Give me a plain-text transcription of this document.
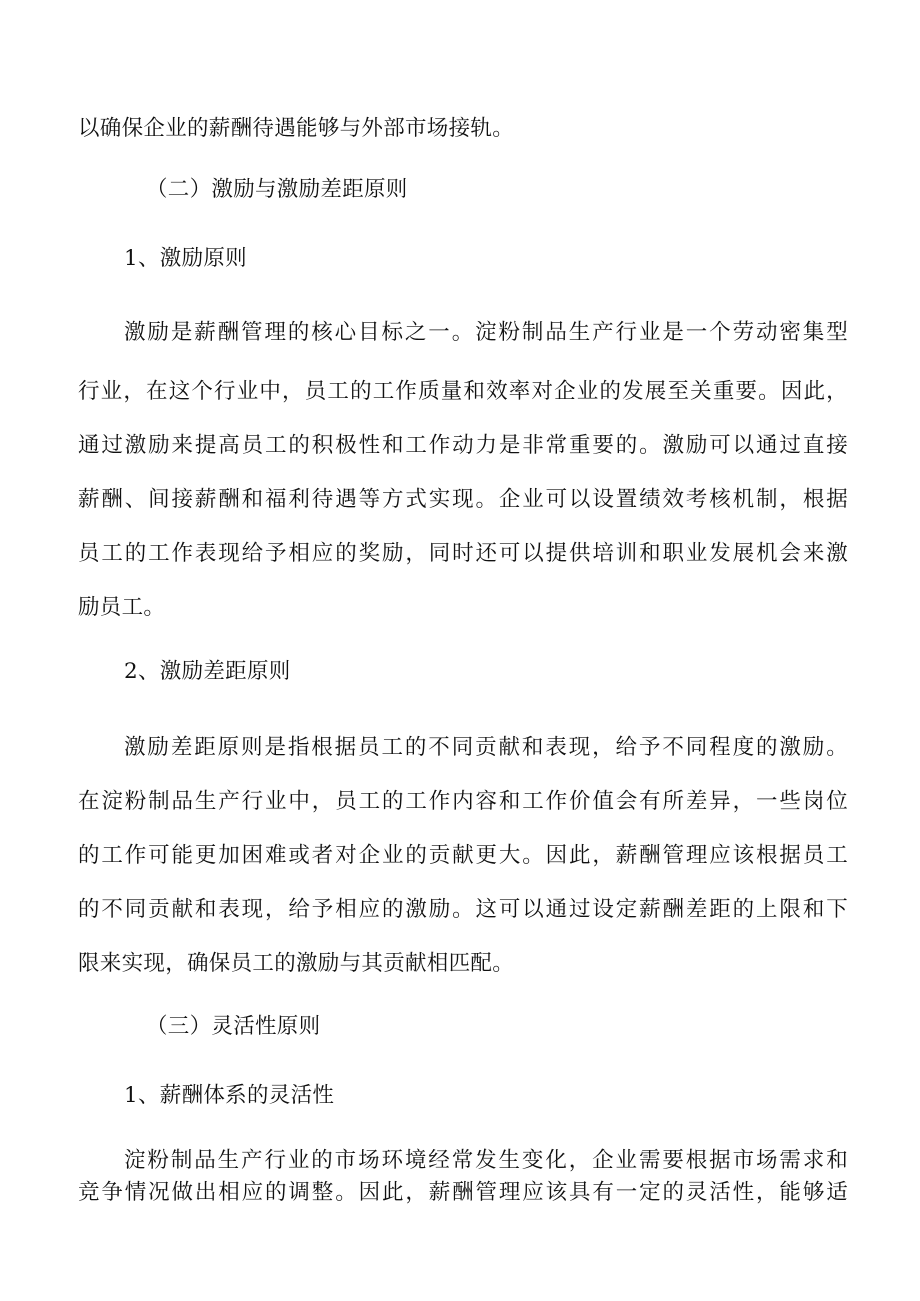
以确保企业的薪酬待遇能够与外部市场接轨。
（二）激励与激励差距原则
1、激励原则
激励是薪酬管理的核心目标之一。淀粉制品生产行业是一个劳动密集型
行业，在这个行业中，员工的工作质量和效率对企业的发展至关重要。因此，
通过激励来提高员工的积极性和工作动力是非常重要的。激励可以通过直接
薪酬、间接薪酬和福利待遇等方式实现。企业可以设置绩效考核机制，根据
员工的工作表现给予相应的奖励，同时还可以提供培训和职业发展机会来激
励员工。
2、激励差距原则
激励差距原则是指根据员工的不同贡献和表现，给予不同程度的激励。
在淀粉制品生产行业中，员工的工作内容和工作价值会有所差异，一些岗位
的工作可能更加困难或者对企业的贡献更大。因此，薪酬管理应该根据员工
的不同贡献和表现，给予相应的激励。这可以通过设定薪酬差距的上限和下
限来实现，确保员工的激励与其贡献相匹配。
（三）灵活性原则
1、薪酬体系的灵活性
淀粉制品生产行业的市场环境经常发生变化，企业需要根据市场需求和
竞争情况做出相应的调整。因此，薪酬管理应该具有一定的灵活性，能够适
